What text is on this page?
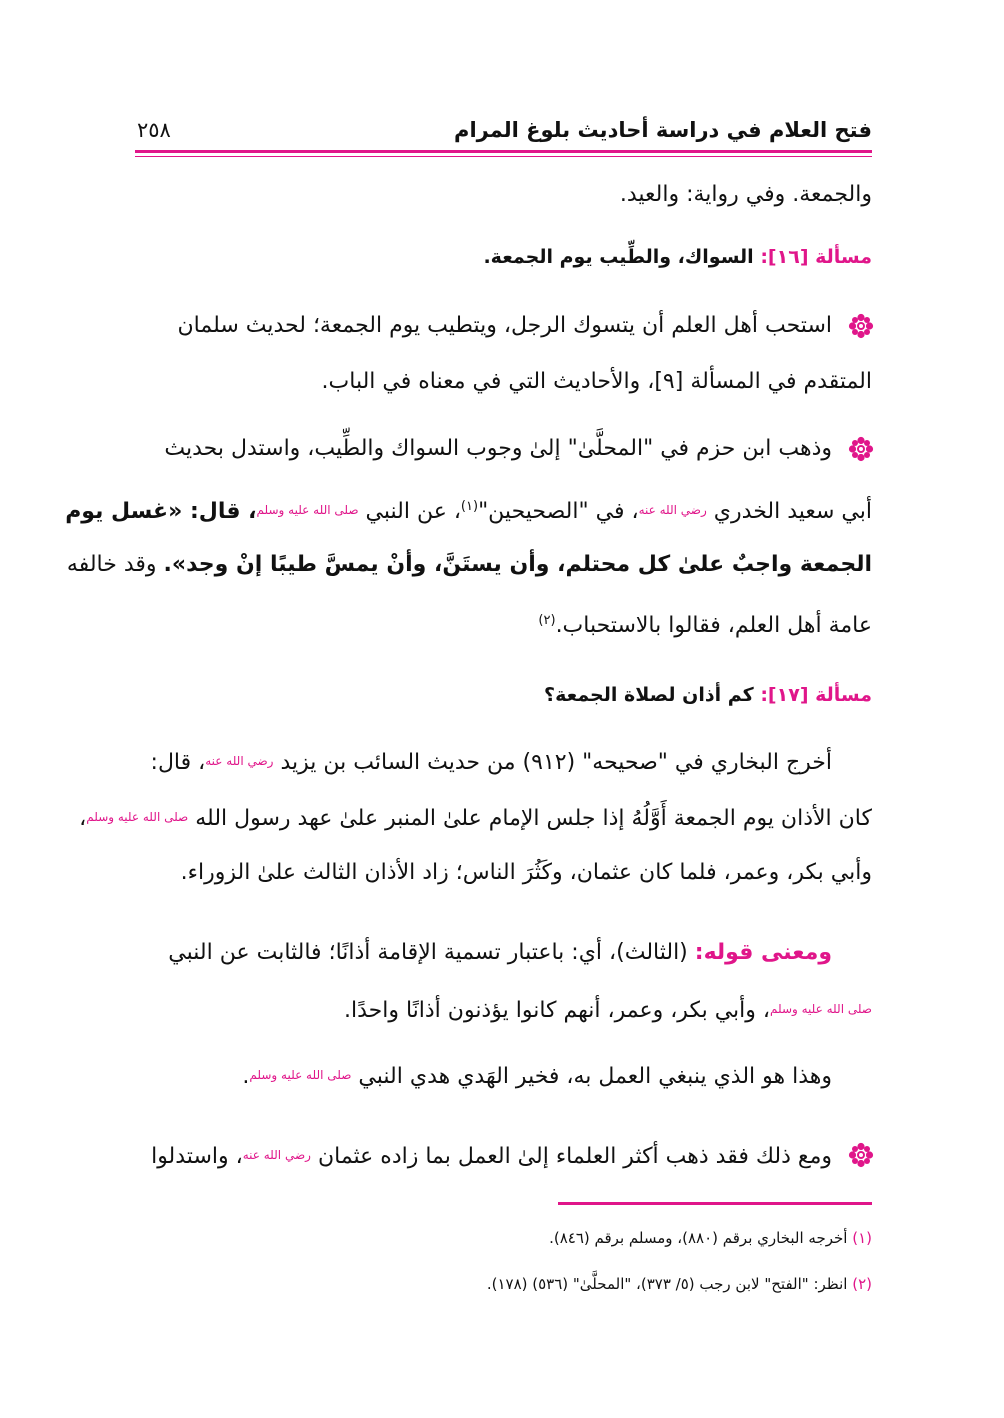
فتح العلام في دراسة أحاديث بلوغ المرام
٢٥٨
والجمعة. وفي رواية: والعيد.
مسألة [١٦]: السواك، والطِّيب يوم الجمعة.
استحب أهل العلم أن يتسوك الرجل، ويتطيب يوم الجمعة؛ لحديث سلمان
المتقدم في المسألة [٩]، والأحاديث التي في معناه في الباب.
وذهب ابن حزم في "المحلَّىٰ" إلىٰ وجوب السواك والطِّيب، واستدل بحديث
أبي سعيد الخدري رضي الله عنه، في "الصحيحين"$^{(١)}$، عن النبي صلى الله عليه وسلم، قال: «غسل يوم
الجمعة واجبٌ علىٰ كل محتلم، وأن يستَنَّ، وأنْ يمسَّ طيبًا إنْ وجد». وقد خالفه
عامة أهل العلم، فقالوا بالاستحباب.$^{(٢)}$
مسألة [١٧]: كم أذان لصلاة الجمعة؟
أخرج البخاري في "صحيحه" (٩١٢) من حديث السائب بن يزيد رضي الله عنه، قال:
كان الأذان يوم الجمعة أَوَّلُهُ إذا جلس الإمام علىٰ المنبر علىٰ عهد رسول الله صلى الله عليه وسلم،
وأبي بكر، وعمر، فلما كان عثمان، وكَثُرَ الناس؛ زاد الأذان الثالث علىٰ الزوراء.
ومعنى قوله: (الثالث)، أي: باعتبار تسمية الإقامة أذانًا؛ فالثابت عن النبي
صلى الله عليه وسلم، وأبي بكر، وعمر، أنهم كانوا يؤذنون أذانًا واحدًا.
وهذا هو الذي ينبغي العمل به، فخير الهَدي هدي النبي صلى الله عليه وسلم.
ومع ذلك فقد ذهب أكثر العلماء إلىٰ العمل بما زاده عثمان رضي الله عنه، واستدلوا
(١) أخرجه البخاري برقم (٨٨٠)، ومسلم برقم (٨٤٦).
(٢) انظر: "الفتح" لابن رجب (٥/ ٣٧٣)، "المحلَّىٰ" (٥٣٦) (١٧٨).
